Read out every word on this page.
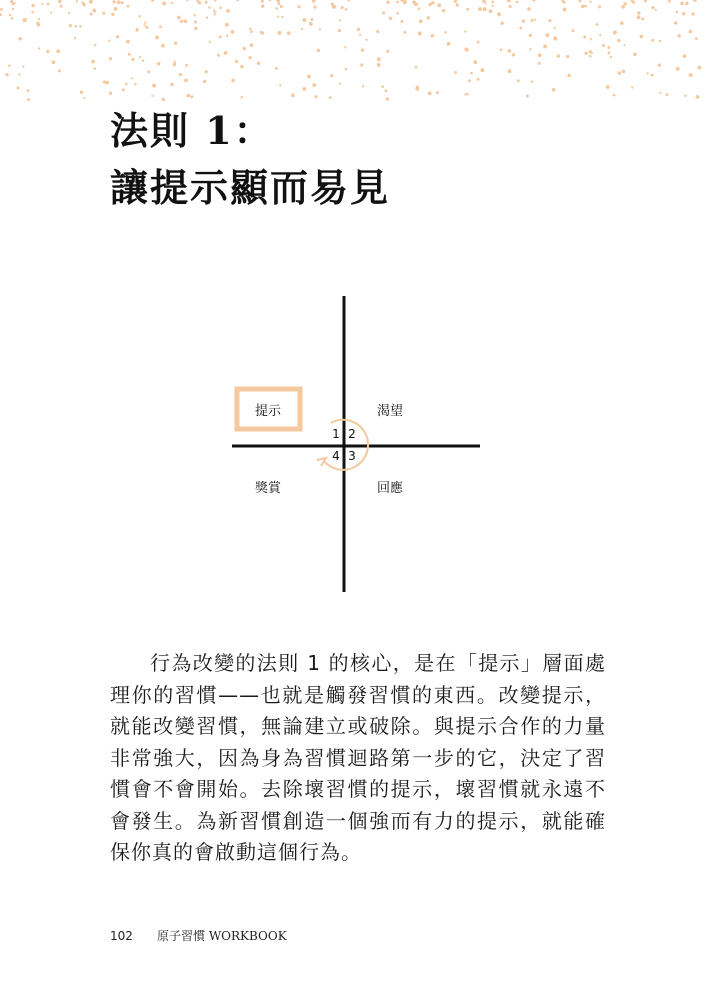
法則 1：
讓提示顯而易見
提示	渴望
獎賞	回應
1 2
3
4

行為改變的法則 1 的核心，是在「提示」層面處理你的習慣——也就是觸發習慣的東西。改變提示，就能改變習慣，無論建立或破除。與提示合作的力量非常強大，因為身為習慣迴路第一步的它，決定了習慣會不會開始。去除壞習慣的提示，壞習慣就永遠不會發生。為新習慣創造一個強而有力的提示，就能確保你真的會啟動這個行為。

102 原子習慣 WORKBOOK
